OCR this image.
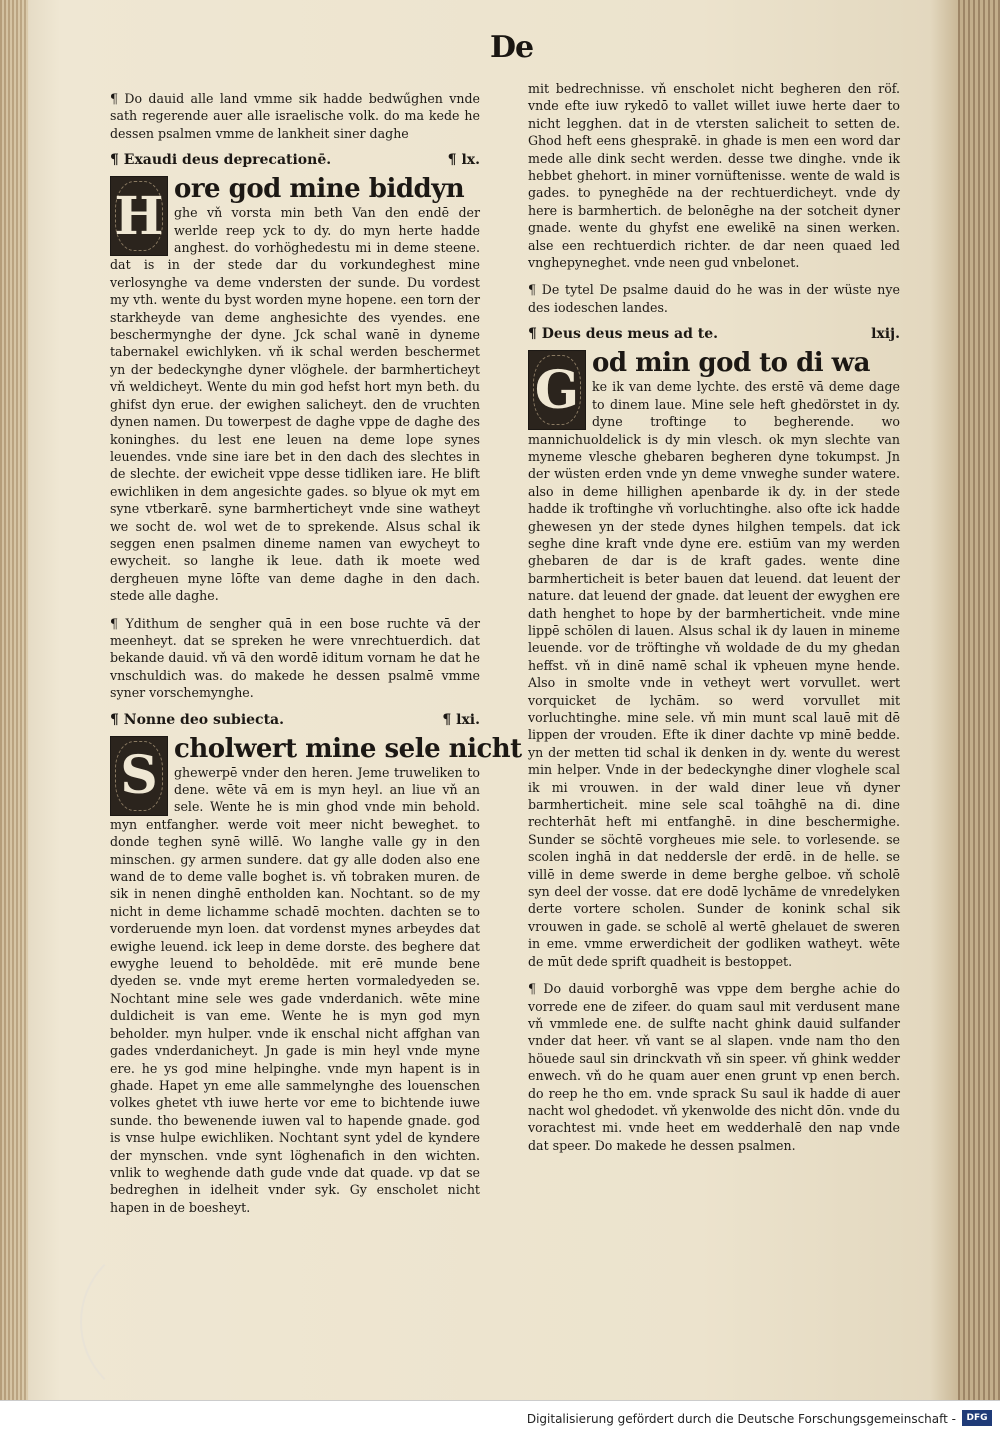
De

¶ Do dauid alle land vmme sik hadde bedwűghen vnde sath regerende auer alle israelische volk. do ma kede he dessen psalmen vmme de lankheit siner daghe

¶ Exaudi deus deprecationē.	¶ lx.
H ore god mine biddyn

ghe vň vorsta min beth Van den endē der werlde reep yck to dy. do myn herte hadde anghest. do vorhöghedestu mi in deme steene. dat is in der stede dar du vorkundeghest mine verlosynghe va deme vndersten der sunde. Du vordest my vth. wente du byst worden myne hopene. een torn der starkheyde van deme anghesichte des vyendes. ene beschermynghe der dyne. Jck schal wanē in dyneme tabernakel ewichlyken. vň ik schal werden beschermet yn der bedeckynghe dyner vlöghele. der barmherticheyt vň weldicheyt. Wente du min god hefst hort myn beth. du ghifst dyn erue. der ewighen salicheyt. den de vruchten dynen namen. Du towerpest de daghe vppe de daghe des koninghes. du lest ene leuen na deme lope synes leuendes. vnde sine iare bet in den dach des slechtes in de slechte. der ewicheit vppe desse tidliken iare. He blift ewichliken in dem angesichte gades. so blyue ok myt em syne vtberkarē. syne barmherticheyt vnde sine watheyt we socht de. wol wet de to sprekende. Alsus schal ik seggen enen psalmen dineme namen van ewycheyt to ewycheit. so langhe ik leue. dath ik moete wed dergheuen myne lōfte van deme daghe in den dach. stede alle daghe.

¶ Ydithum de sengher quā in een bose ruchte vā der meenheyt. dat se spreken he were vnrechtuerdich. dat bekande dauid. vň vā den wordē iditum vornam he dat he vnschuldich was. do makede he dessen psalmē vmme syner vorschemynghe.

¶ Nonne deo subiecta.	¶ lxi.
S cholwert mine sele nicht

ghewerpē vnder den heren. Jeme truweliken to dene. wēte vā em is myn heyl. an liue vň an sele. Wente he is min ghod vnde min behold. myn entfangher. werde voit meer nicht beweghet. to donde teghen synē willē. Wo langhe valle gy in den minschen. gy armen sundere. dat gy alle doden also ene wand de to deme valle boghet is. vň tobraken muren. de sik in nenen dinghē entholden kan. Nochtant. so de my nicht in deme lichamme schadē mochten. dachten se to vorderuende myn loen. dat vordenst mynes arbeydes dat ewighe leuend. ick leep in deme dorste. des beghere dat ewyghe leuend to beholdēde. mit erē munde bene dyeden se. vnde myt ereme herten vormaledyeden se. Nochtant mine sele wes gade vnderdanich. wēte mine duldicheit is van eme. Wente he is myn god myn beholder. myn hulper. vnde ik enschal nicht affghan van gades vnderdanicheyt. Jn gade is min heyl vnde myne ere. he ys god mine helpinghe. vnde myn hapent is in ghade. Hapet yn eme alle sammelynghe des louenschen volkes ghetet vth iuwe herte vor eme to bichtende iuwe sunde. tho bewenende iuwen val to hapende gnade. god is vnse hulpe ewichliken. Nochtant synt ydel de kyndere der mynschen. vnde synt löghenafich in den wichten. vnlik to weghende dath gude vnde dat quade. vp dat se bedreghen in idelheit vnder syk. Gy enscholet nicht hapen in de boesheyt.

mit bedrechnisse. vň enscholet nicht begheren den röf. vnde efte iuw rykedō to vallet willet iuwe herte daer to nicht legghen. dat in de vtersten salicheit to setten de. Ghod heft eens ghesprakē. in ghade is men een word dar mede alle dink secht werden. desse twe dinghe. vnde ik hebbet ghehort. in miner vornüftenisse. wente de wald is gades. to pyneghēde na der rechtuerdicheyt. vnde dy here is barmhertich. de belonēghe na der sotcheit dyner gnade. wente du ghyfst ene ewelikē na sinen werken. alse een rechtuerdich richter. de dar neen quaed led vnghepyneghet. vnde neen gud vnbelonet.

¶ De tytel De psalme dauid do he was in der wüste nye des iodeschen landes.

¶ Deus deus meus ad te.	lxij.
G od min god to di wa

ke ik van deme lychte. des erstē vā deme dage to dinem laue. Mine sele heft ghedörstet in dy. dyne troftinge to begherende. wo mannichuoldelick is dy min vlesch. ok myn slechte van myneme vlesche ghebaren begheren dyne tokumpst. Jn der wüsten erden vnde yn deme vnweghe sunder watere. also in deme hillighen apenbarde ik dy. in der stede hadde ik troftinghe vň vorluchtinghe. also ofte ick hadde ghewesen yn der stede dynes hilghen tempels. dat ick seghe dine kraft vnde dyne ere. estiūm van my werden ghebaren de dar is de kraft gades. wente dine barmherticheit is beter bauen dat leuend. dat leuent der nature. dat leuend der gnade. dat leuent der ewyghen ere dath henghet to hope by der barmherticheit. vnde mine lippē schōlen di lauen. Alsus schal ik dy lauen in mineme leuende. vor de tröftinghe vň woldade de du my ghedan heffst. vň in dinē namē schal ik vpheuen myne hende. Also in smolte vnde in vetheyt wert vorvullet. wert vorquicket de lychām. so werd vorvullet mit vorluchtinghe. mine sele. vň min munt scal lauē mit dē lippen der vrouden. Efte ik diner dachte vp minē bedde. yn der metten tid schal ik denken in dy. wente du werest min helper. Vnde in der bedeckynghe diner vloghele scal ik mi vrouwen. in der wald diner leue vň dyner barmherticheit. mine sele scal toāhghē na di. dine rechterhāt heft mi entfanghē. in dine beschermighe. Sunder se söchtē vorgheues mie sele. to vorlesende. se scolen inghā in dat neddersle der erdē. in de helle. se villē in deme swerde in deme berghe gelboe. vň scholē syn deel der vosse. dat ere dodē lychāme de vnredelyken derte vortere scholen. Sunder de konink schal sik vrouwen in gade. se scholē al wertē ghelauet de sweren in eme. vmme erwerdicheit der godliken watheyt. wēte de mūt dede sprift quadheit is bestoppet.

¶ Do dauid vorborghē was vppe dem berghe achie do vorrede ene de zifeer. do quam saul mit verdusent mane vň vmmlede ene. de sulfte nacht ghink dauid sulfander vnder dat heer. vň vant se al slapen. vnde nam tho den höuede saul sin drinckvath vň sin speer. vň ghink wedder enwech. vň do he quam auer enen grunt vp enen berch. do reep he tho em. vnde sprack Su saul ik hadde di auer nacht wol ghedodet. vň ykenwolde des nicht dōn. vnde du vorachtest mi. vnde heet em wedderhalē den nap vnde dat speer. Do makede he dessen psalmen.

Digitalisierung gefördert durch die Deutsche Forschungsgemeinschaft -	DFG
